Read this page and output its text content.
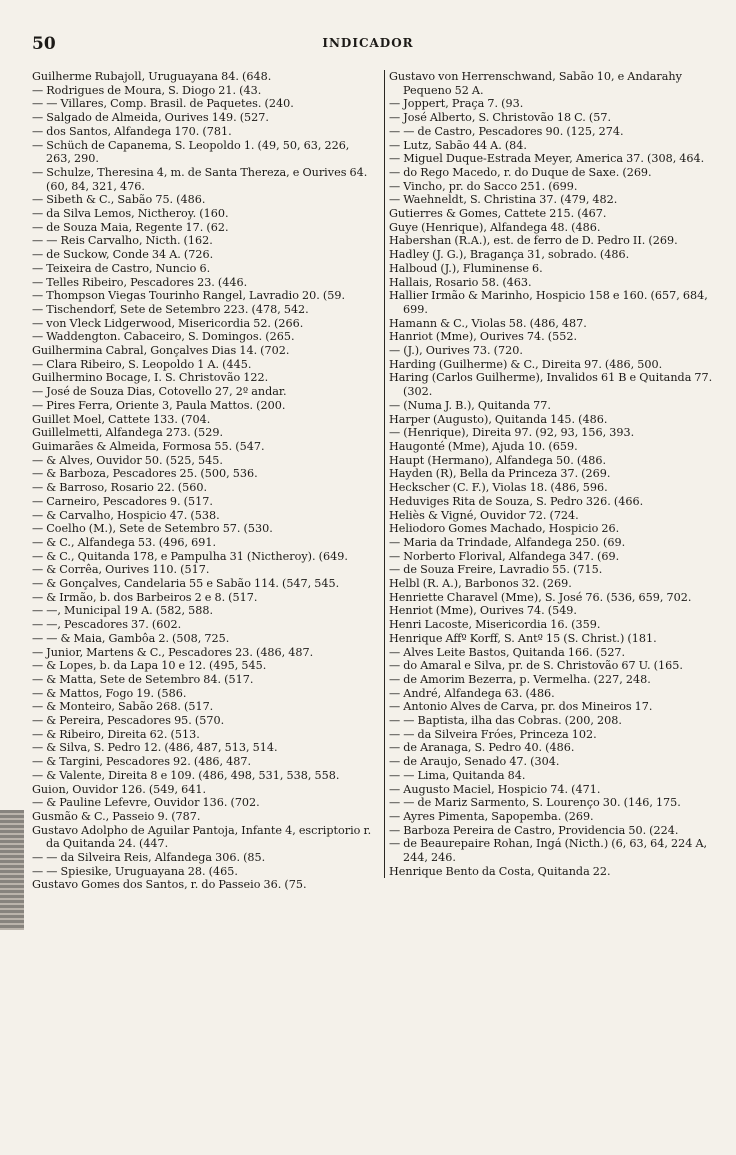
50	INDICADOR

Guilherme Rubajoll, Uruguayana 84. (648.

— Rodrigues de Moura, S. Diogo 21. (43.

— — Villares, Comp. Brasil. de Paquetes. (240.

— Salgado de Almeida, Ourives 149. (527.

— dos Santos, Alfandega 170. (781.

— Schüch de Capanema, S. Leopoldo 1. (49, 50, 63, 226, 263, 290.

— Schulze, Theresina 4, m. de Santa Thereza, e Ourives 64. (60, 84, 321, 476.

— Sibeth & C., Sabão 75. (486.

— da Silva Lemos, Nictheroy. (160.

— de Souza Maia, Regente 17. (62.

— — Reis Carvalho, Nicth. (162.

— de Suckow, Conde 34 A. (726.

— Teixeira de Castro, Nuncio 6.

— Telles Ribeiro, Pescadores 23. (446.

— Thompson Viegas Tourinho Rangel, Lavradio 20. (59.

— Tischendorf, Sete de Setembro 223. (478, 542.

— von Vleck Lidgerwood, Misericordia 52. (266.

— Waddengton. Cabaceiro, S. Domingos. (265.

Guilhermina Cabral, Gonçalves Dias 14. (702.

— Clara Ribeiro, S. Leopoldo 1 A. (445.

Guilhermino Bocage, I. S. Christovão 122.

— José de Souza Dias, Cotovello 27, 2º andar.

— Pires Ferra, Oriente 3, Paula Mattos. (200.

Guillet Moel, Cattete 133. (704.

Guillelmetti, Alfandega 273. (529.

Guimarães & Almeida, Formosa 55. (547.

— & Alves, Ouvidor 50. (525, 545.

— & Barboza, Pescadores 25. (500, 536.

— & Barroso, Rosario 22. (560.

— Carneiro, Pescadores 9. (517.

— & Carvalho, Hospicio 47. (538.

— Coelho (M.), Sete de Setembro 57. (530.

— & C., Alfandega 53. (496, 691.

— & C., Quitanda 178, e Pampulha 31 (Nictheroy). (649.

— & Corrêa, Ourives 110. (517.

— & Gonçalves, Candelaria 55 e Sabão 114. (547, 545.

— & Irmão, b. dos Barbeiros 2 e 8. (517.

— —, Municipal 19 A. (582, 588.

— —, Pescadores 37. (602.

— — & Maia, Gambôa 2. (508, 725.

— Junior, Martens & C., Pescadores 23. (486, 487.

— & Lopes, b. da Lapa 10 e 12. (495, 545.

— & Matta, Sete de Setembro 84. (517.

— & Mattos, Fogo 19. (586.

— & Monteiro, Sabão 268. (517.

— & Pereira, Pescadores 95. (570.

— & Ribeiro, Direita 62. (513.

— & Silva, S. Pedro 12. (486, 487, 513, 514.

— & Targini, Pescadores 92. (486, 487.

— & Valente, Direita 8 e 109. (486, 498, 531, 538, 558.

Guion, Ouvidor 126. (549, 641.

— & Pauline Lefevre, Ouvidor 136. (702.

Gusmão & C., Passeio 9. (787.

Gustavo Adolpho de Aguilar Pantoja, Infante 4, escriptorio r. da Quitanda 24. (447.

— — da Silveira Reis, Alfandega 306. (85.

— — Spiesike, Uruguayana 28. (465.

Gustavo Gomes dos Santos, r. do Passeio 36. (75.

Gustavo von Herrenschwand, Sabão 10, e Andarahy Pequeno 52 A.

— Joppert, Praça 7. (93.

— José Alberto, S. Christovão 18 C. (57.

— — de Castro, Pescadores 90. (125, 274.

— Lutz, Sabão 44 A. (84.

— Miguel Duque-Estrada Meyer, America 37. (308, 464.

— do Rego Macedo, r. do Duque de Saxe. (269.

— Vincho, pr. do Sacco 251. (699.

— Waehneldt, S. Christina 37. (479, 482.

Gutierres & Gomes, Cattete 215. (467.

Guye (Henrique), Alfandega 48. (486.

Habershan (R.A.), est. de ferro de D. Pedro II. (269.

Hadley (J. G.), Bragança 31, sobrado. (486.

Halboud (J.), Fluminense 6.

Hallais, Rosario 58. (463.

Hallier Irmão & Marinho, Hospicio 158 e 160. (657, 684, 699.

Hamann & C., Violas 58. (486, 487.

Hanriot (Mme), Ourives 74. (552.

— (J.), Ourives 73. (720.

Harding (Guilherme) & C., Direita 97. (486, 500.

Haring (Carlos Guilherme), Invalidos 61 B e Quitanda 77. (302.

— (Numa J. B.), Quitanda 77.

Harper (Augusto), Quitanda 145. (486.

— (Henrique), Direita 97. (92, 93, 156, 393.

Haugonté (Mme), Ajuda 10. (659.

Haupt (Hermano), Alfandega 50. (486.

Hayden (R), Bella da Princeza 37. (269.

Heckscher (C. F.), Violas 18. (486, 596.

Heduviges Rita de Souza, S. Pedro 326. (466.

Heliès & Vigné, Ouvidor 72. (724.

Heliodoro Gomes Machado, Hospicio 26.

— Maria da Trindade, Alfandega 250. (69.

— Norberto Florival, Alfandega 347. (69.

— de Souza Freire, Lavradio 55. (715.

Helbl (R. A.), Barbonos 32. (269.

Henriette Charavel (Mme), S. José 76. (536, 659, 702.

Henriot (Mme), Ourives 74. (549.

Henri Lacoste, Misericordia 16. (359.

Henrique Affº Korff, S. Antº 15 (S. Christ.) (181.

— Alves Leite Bastos, Quitanda 166. (527.

— do Amaral e Silva, pr. de S. Christovão 67 U. (165.

— de Amorim Bezerra, p. Vermelha. (227, 248.

— André, Alfandega 63. (486.

— Antonio Alves de Carva, pr. dos Mineiros 17.

— — Baptista, ilha das Cobras. (200, 208.

— — da Silveira Fróes, Princeza 102.

— de Aranaga, S. Pedro 40. (486.

— de Araujo, Senado 47. (304.

— — Lima, Quitanda 84.

— Augusto Maciel, Hospicio 74. (471.

— — de Mariz Sarmento, S. Lourenço 30. (146, 175.

— Ayres Pimenta, Sapopemba. (269.

— Barboza Pereira de Castro, Providencia 50. (224.

— de Beaurepaire Rohan, Ingá (Nicth.) (6, 63, 64, 224 A, 244, 246.

Henrique Bento da Costa, Quitanda 22.
